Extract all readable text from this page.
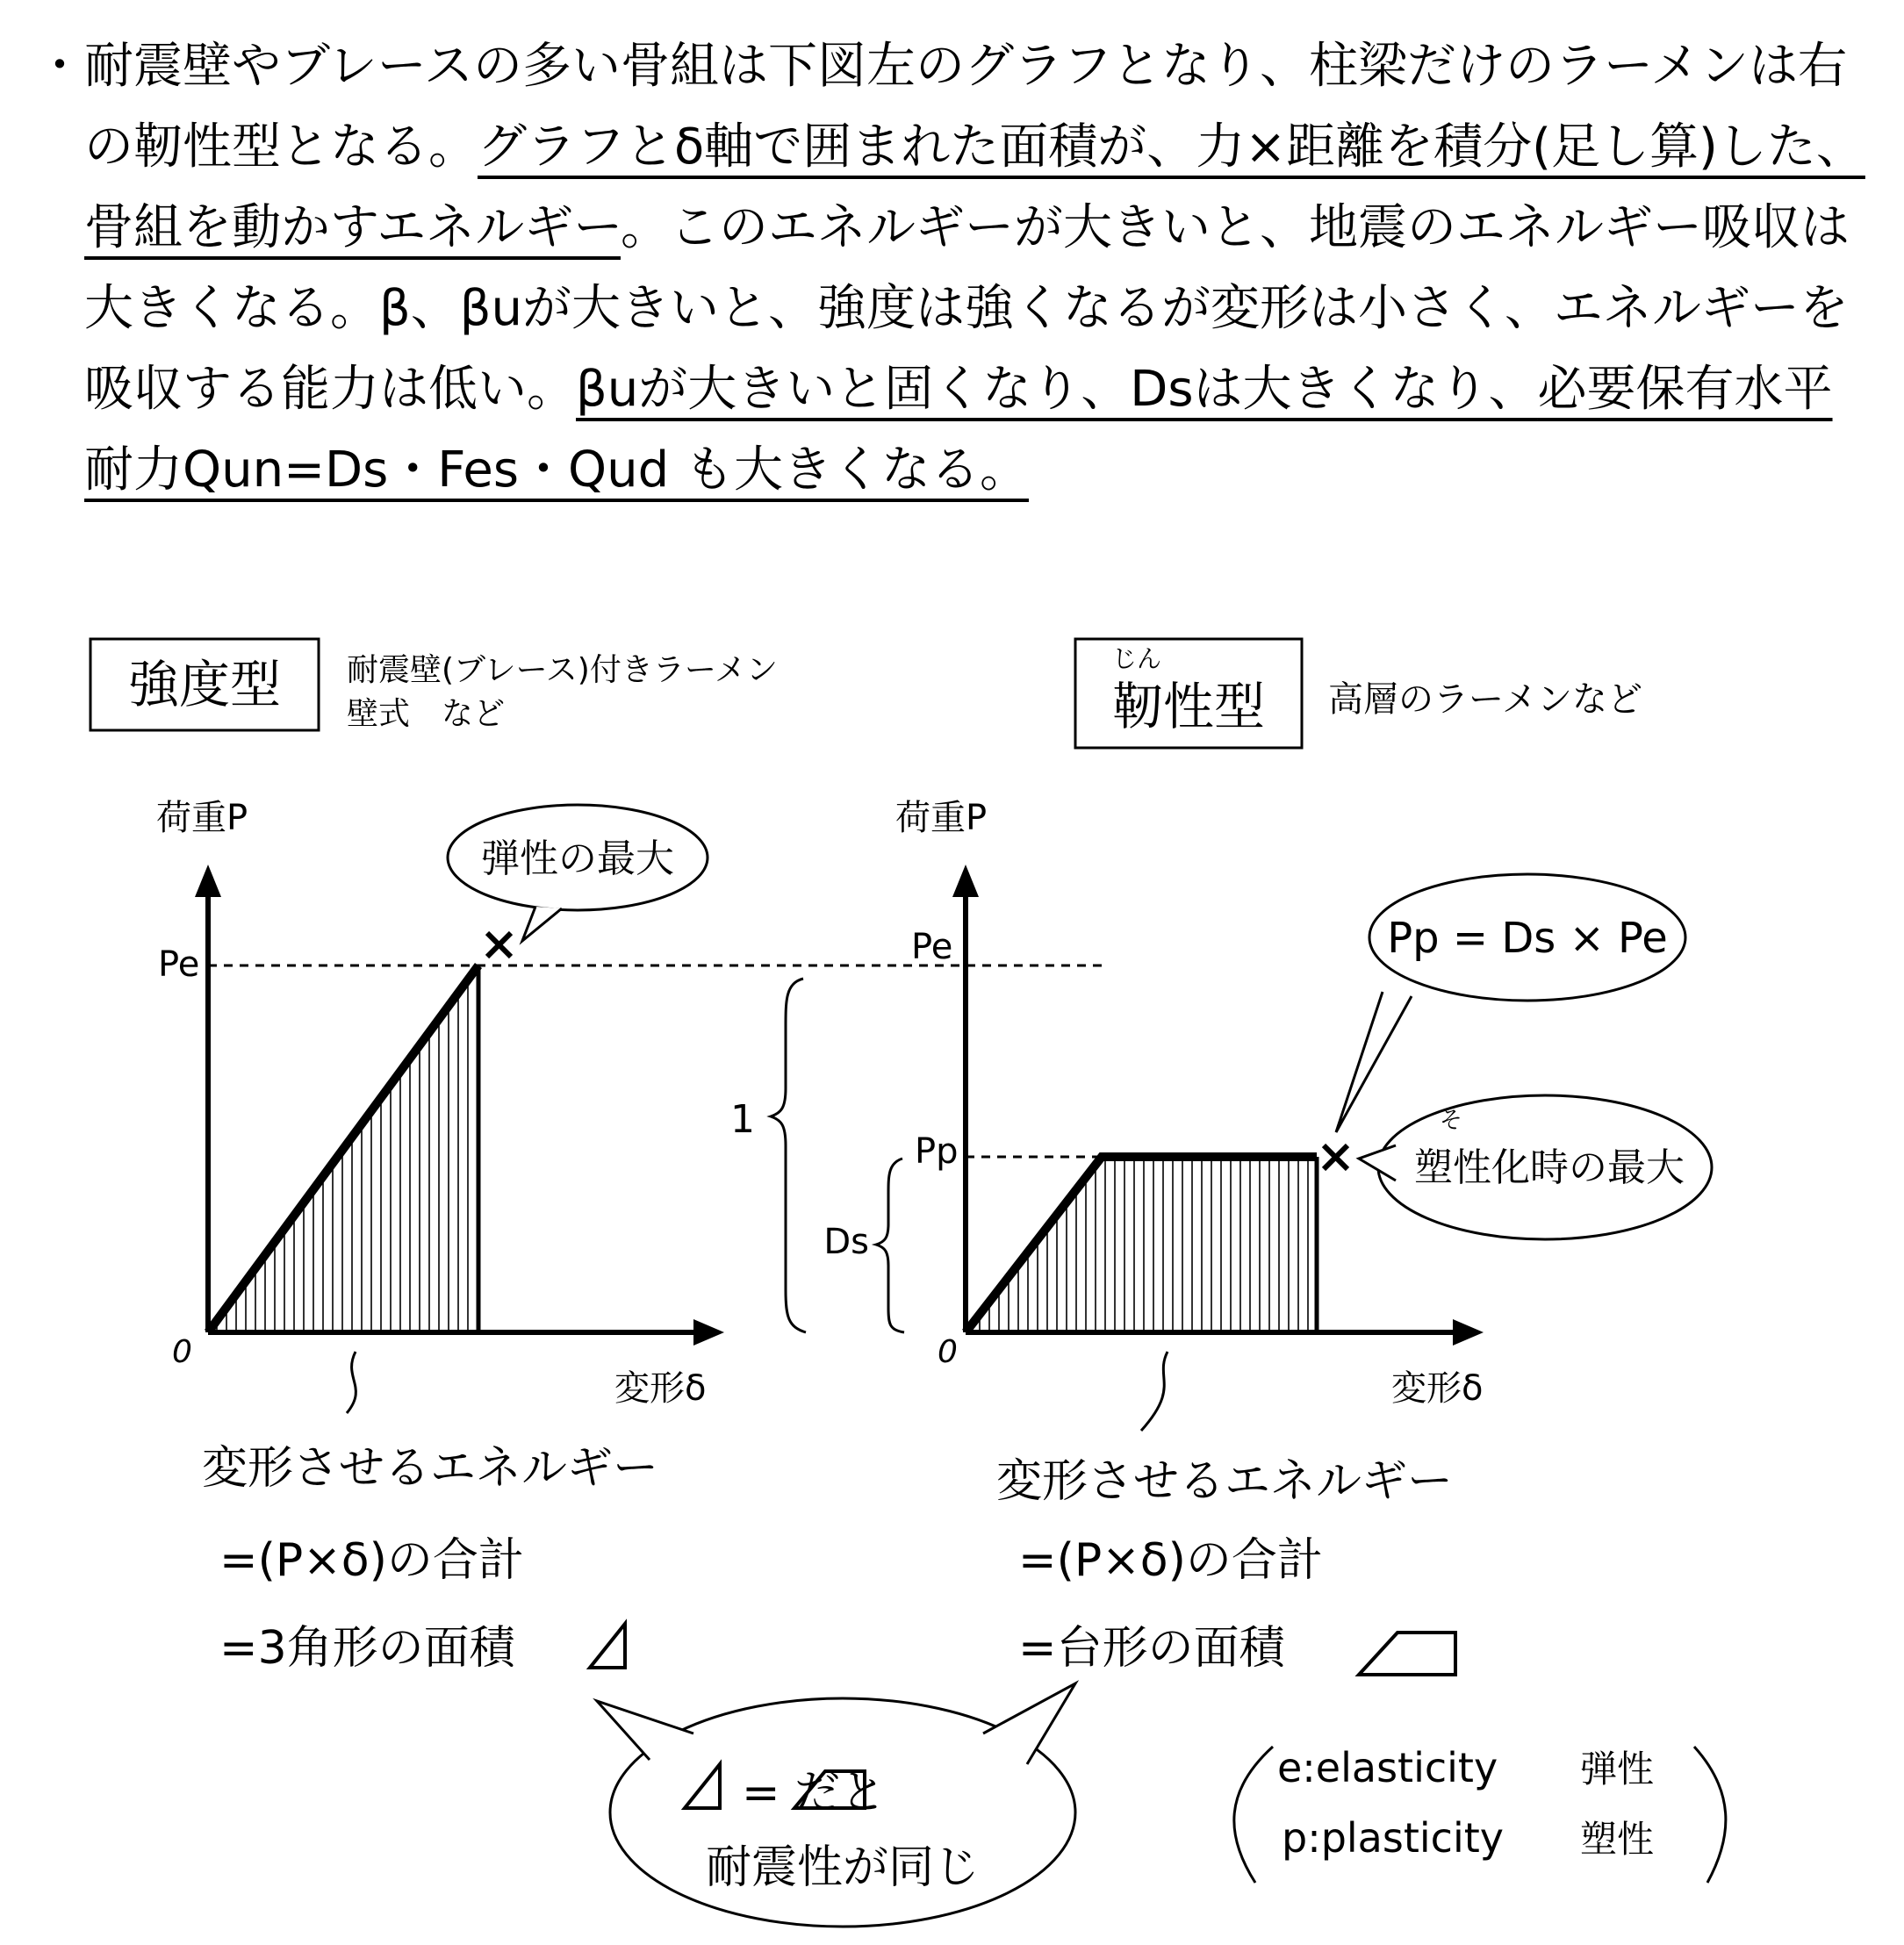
・ 耐震壁やブレースの多い骨組は下図左のグラフとなり、柱梁だけのラーメンは右の靭性型となる。グラフとδ軸で囲まれた面積が、力×距離を積分(足し算)した、骨組を動かすエネルギー。このエネルギーが大きいと、地震のエネルギー吸収は大きくなる。β、βuが大きいと、強度は強くなるが変形は小さく、エネルギーを吸収する能力は低い。βuが大きいと固くなり、Dsは大きくなり、必要保有水平耐力Qun=Ds・Fes・Qud も大きくなる。

強度型 耐震壁(ブレース)付きラーメン
壁式　など
じん
靭性型 高層のラーメンなど
荷重P
Pe
0
変形δ
弾性の最大
変形させるエネルギー
=(P×δ)の合計
=3角形の面積
1
Ds
荷重P
Pe
Pp
0
変形δ
Pp = Ds × Pe
そ
塑性化時の最大
変形させるエネルギー
=(P×δ)の合計
=台形の面積
= だと
耐震性が同じ
e:elasticity 弾性
p:plasticity 塑性
